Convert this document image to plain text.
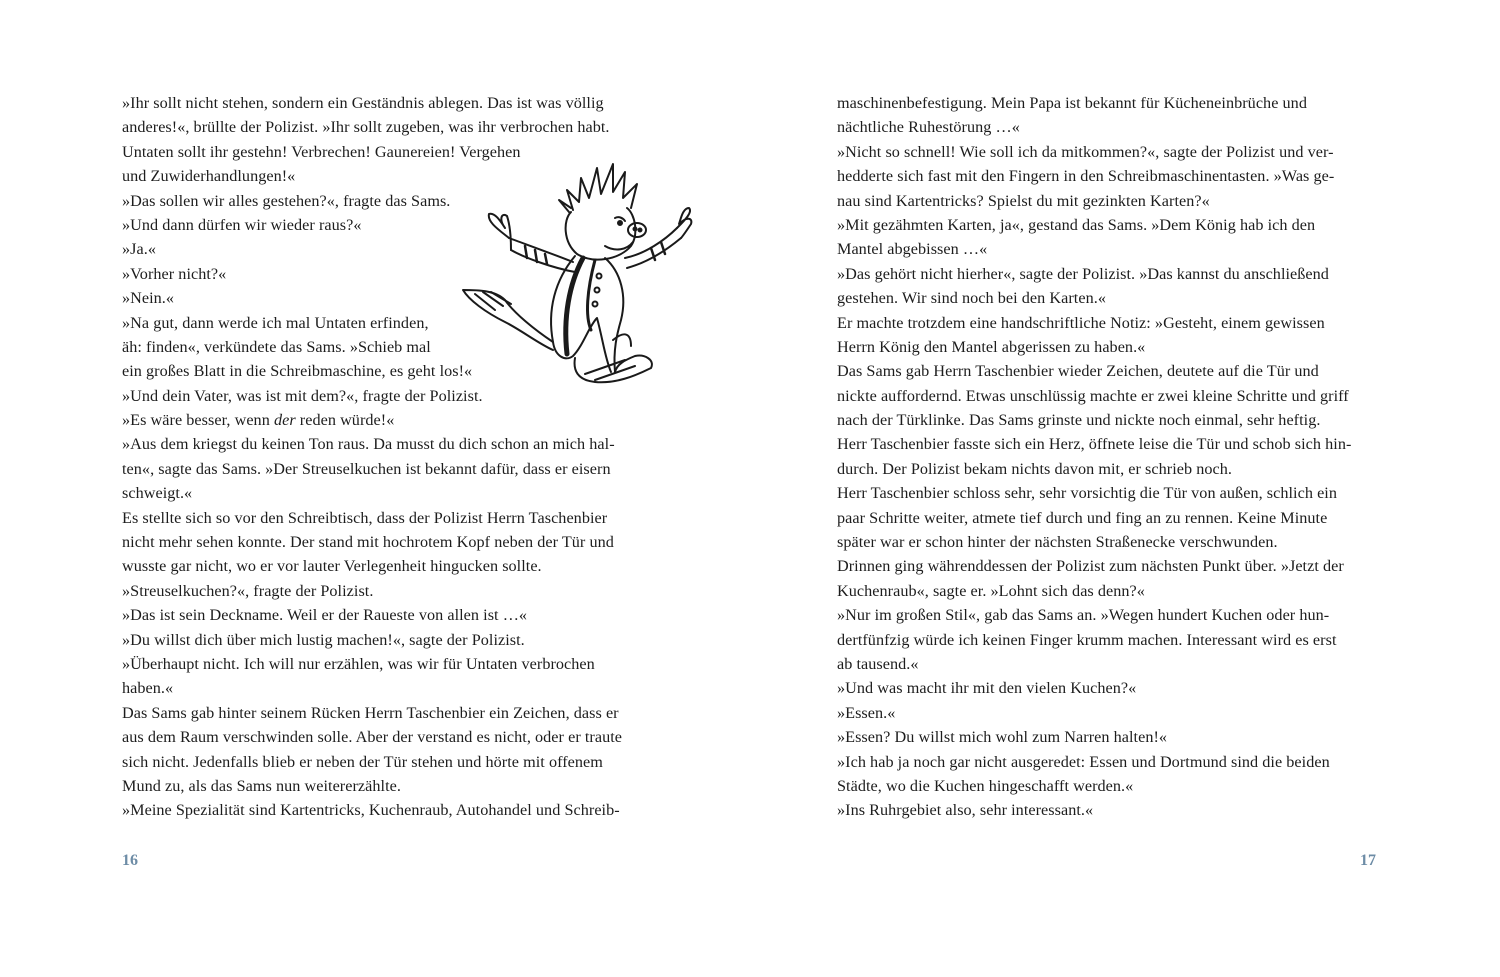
»Ihr sollt nicht stehen, sondern ein Geständnis ablegen. Das ist was völlig
anderes!«, brüllte der Polizist. »Ihr sollt zugeben, was ihr verbrochen habt.
Untaten sollt ihr gestehn! Verbrechen! Gaunereien! Vergehen
und Zuwiderhandlungen!«
»Das sollen wir alles gestehen?«, fragte das Sams.
»Und dann dürfen wir wieder raus?«
»Ja.«
»Vorher nicht?«
»Nein.«
»Na gut, dann werde ich mal Untaten erfinden,
äh: finden«, verkündete das Sams. »Schieb mal
ein großes Blatt in die Schreibmaschine, es geht los!«
»Und dein Vater, was ist mit dem?«, fragte der Polizist.
»Es wäre besser, wenn der reden würde!«
»Aus dem kriegst du keinen Ton raus. Da musst du dich schon an mich hal-
ten«, sagte das Sams. »Der Streuselkuchen ist bekannt dafür, dass er eisern
schweigt.«
Es stellte sich so vor den Schreibtisch, dass der Polizist Herrn Taschenbier
nicht mehr sehen konnte. Der stand mit hochrotem Kopf neben der Tür und
wusste gar nicht, wo er vor lauter Verlegenheit hingucken sollte.
»Streuselkuchen?«, fragte der Polizist.
»Das ist sein Deckname. Weil er der Raueste von allen ist …«
»Du willst dich über mich lustig machen!«, sagte der Polizist.
»Überhaupt nicht. Ich will nur erzählen, was wir für Untaten verbrochen
haben.«
Das Sams gab hinter seinem Rücken Herrn Taschenbier ein Zeichen, dass er
aus dem Raum verschwinden solle. Aber der verstand es nicht, oder er traute
sich nicht. Jedenfalls blieb er neben der Tür stehen und hörte mit offenem
Mund zu, als das Sams nun weitererzählte.
»Meine Spezialität sind Kartentricks, Kuchenraub, Autohandel und Schreib-
16
maschinenbefestigung. Mein Papa ist bekannt für Kücheneinbrüche und
nächtliche Ruhestörung …«
»Nicht so schnell! Wie soll ich da mitkommen?«, sagte der Polizist und ver-
hedderte sich fast mit den Fingern in den Schreibmaschinentasten. »Was ge-
nau sind Kartentricks? Spielst du mit gezinkten Karten?«
»Mit gezähmten Karten, ja«, gestand das Sams. »Dem König hab ich den
Mantel abgebissen …«
»Das gehört nicht hierher«, sagte der Polizist. »Das kannst du anschließend
gestehen. Wir sind noch bei den Karten.«
Er machte trotzdem eine handschriftliche Notiz: »Gesteht, einem gewissen
Herrn König den Mantel abgerissen zu haben.«
Das Sams gab Herrn Taschenbier wieder Zeichen, deutete auf die Tür und
nickte auffordernd. Etwas unschlüssig machte er zwei kleine Schritte und griff
nach der Türklinke. Das Sams grinste und nickte noch einmal, sehr heftig.
Herr Taschenbier fasste sich ein Herz, öffnete leise die Tür und schob sich hin-
durch. Der Polizist bekam nichts davon mit, er schrieb noch.
Herr Taschenbier schloss sehr, sehr vorsichtig die Tür von außen, schlich ein
paar Schritte weiter, atmete tief durch und fing an zu rennen. Keine Minute
später war er schon hinter der nächsten Straßenecke verschwunden.
Drinnen ging währenddessen der Polizist zum nächsten Punkt über. »Jetzt der
Kuchenraub«, sagte er. »Lohnt sich das denn?«
»Nur im großen Stil«, gab das Sams an. »Wegen hundert Kuchen oder hun-
dertfünfzig würde ich keinen Finger krumm machen. Interessant wird es erst
ab tausend.«
»Und was macht ihr mit den vielen Kuchen?«
»Essen.«
»Essen? Du willst mich wohl zum Narren halten!«
»Ich hab ja noch gar nicht ausgeredet: Essen und Dortmund sind die beiden
Städte, wo die Kuchen hingeschafft werden.«
»Ins Ruhrgebiet also, sehr interessant.«
17
